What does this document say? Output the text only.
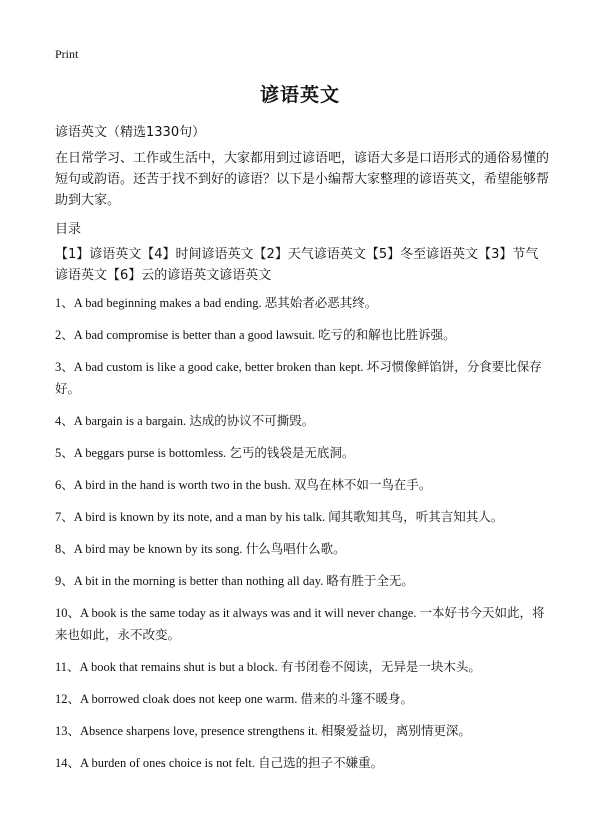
Print
谚语英文
谚语英文（精选1330句）
在日常学习、工作或生活中，大家都用到过谚语吧，谚语大多是口语形式的通俗易懂的短句或韵语。还苦于找不到好的谚语？以下是小编帮大家整理的谚语英文，希望能够帮助到大家。
目录
【1】谚语英文【4】时间谚语英文【2】天气谚语英文【5】冬至谚语英文【3】节气谚语英文【6】云的谚语英文谚语英文
1、A bad beginning makes a bad ending. 恶其始者必恶其终。
2、A bad compromise is better than a good lawsuit. 吃亏的和解也比胜诉强。
3、A bad custom is like a good cake, better broken than kept. 坏习惯像鲜馅饼，分食要比保存好。
4、A bargain is a bargain. 达成的协议不可撕毁。
5、A beggars purse is bottomless. 乞丐的钱袋是无底洞。
6、A bird in the hand is worth two in the bush. 双鸟在林不如一鸟在手。
7、A bird is known by its note, and a man by his talk. 闻其歌知其鸟，听其言知其人。
8、A bird may be known by its song. 什么鸟唱什么歌。
9、A bit in the morning is better than nothing all day. 略有胜于全无。
10、A book is the same today as it always was and it will never change. 一本好书今天如此，将来也如此，永不改变。
11、A book that remains shut is but a block. 有书闭卷不阅读，无异是一块木头。
12、A borrowed cloak does not keep one warm. 借来的斗篷不暖身。
13、Absence sharpens love, presence strengthens it. 相聚爱益切，离别情更深。
14、A burden of ones choice is not felt. 自己选的担子不嫌重。
